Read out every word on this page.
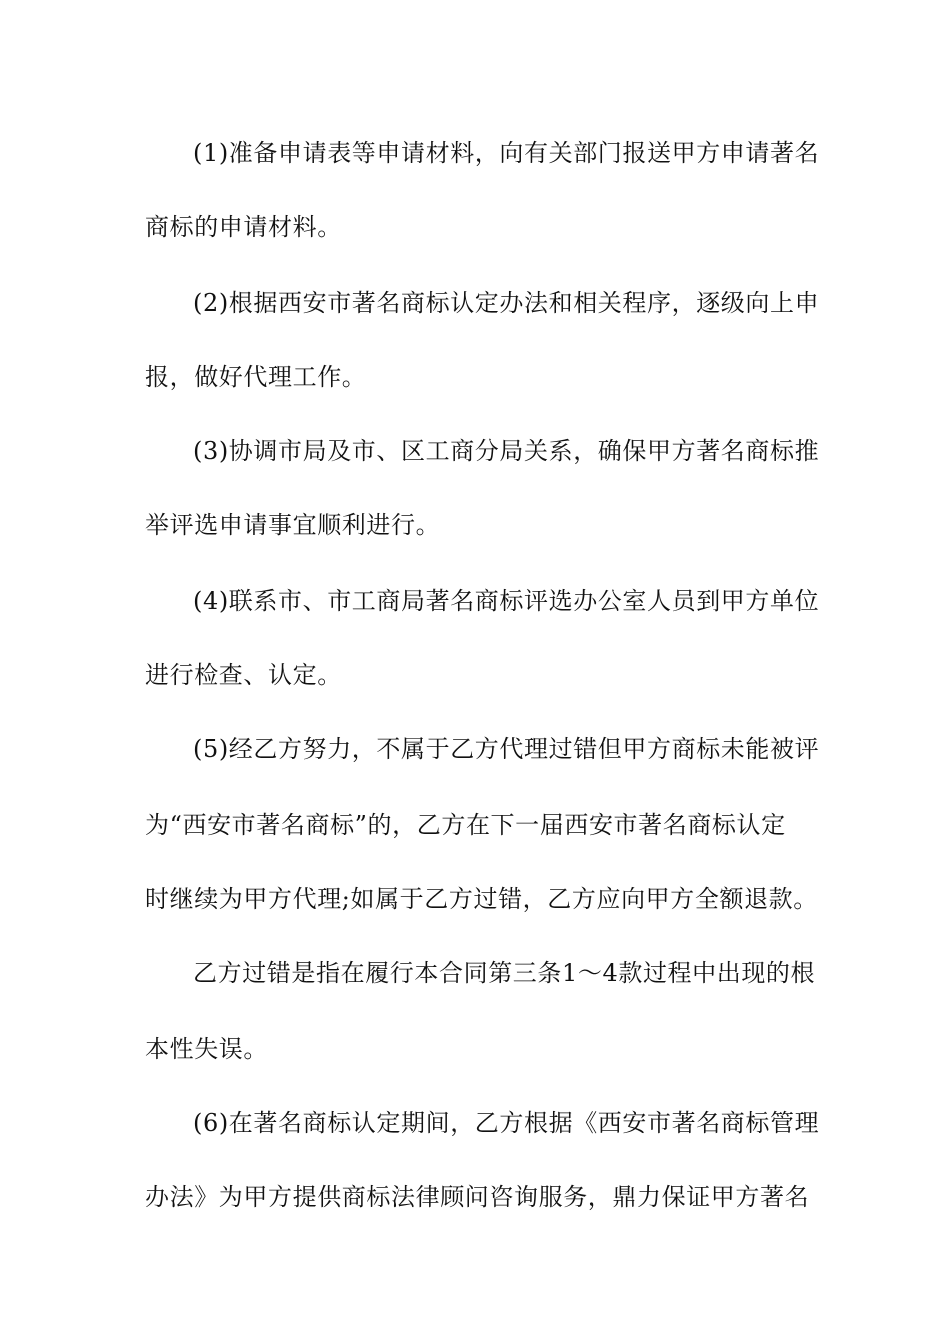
(1)准备申请表等申请材料，向有关部门报送甲方申请著名
商标的申请材料。
(2)根据西安市著名商标认定办法和相关程序，逐级向上申
报，做好代理工作。
(3)协调市局及市、区工商分局关系，确保甲方著名商标推
举评选申请事宜顺利进行。
(4)联系市、市工商局著名商标评选办公室人员到甲方单位
进行检查、认定。
(5)经乙方努力，不属于乙方代理过错但甲方商标未能被评
为“西安市著名商标”的，乙方在下一届西安市著名商标认定
时继续为甲方代理;如属于乙方过错，乙方应向甲方全额退款。
乙方过错是指在履行本合同第三条1～4款过程中出现的根
本性失误。
(6)在著名商标认定期间，乙方根据《西安市著名商标管理
办法》为甲方提供商标法律顾问咨询服务，鼎力保证甲方著名
